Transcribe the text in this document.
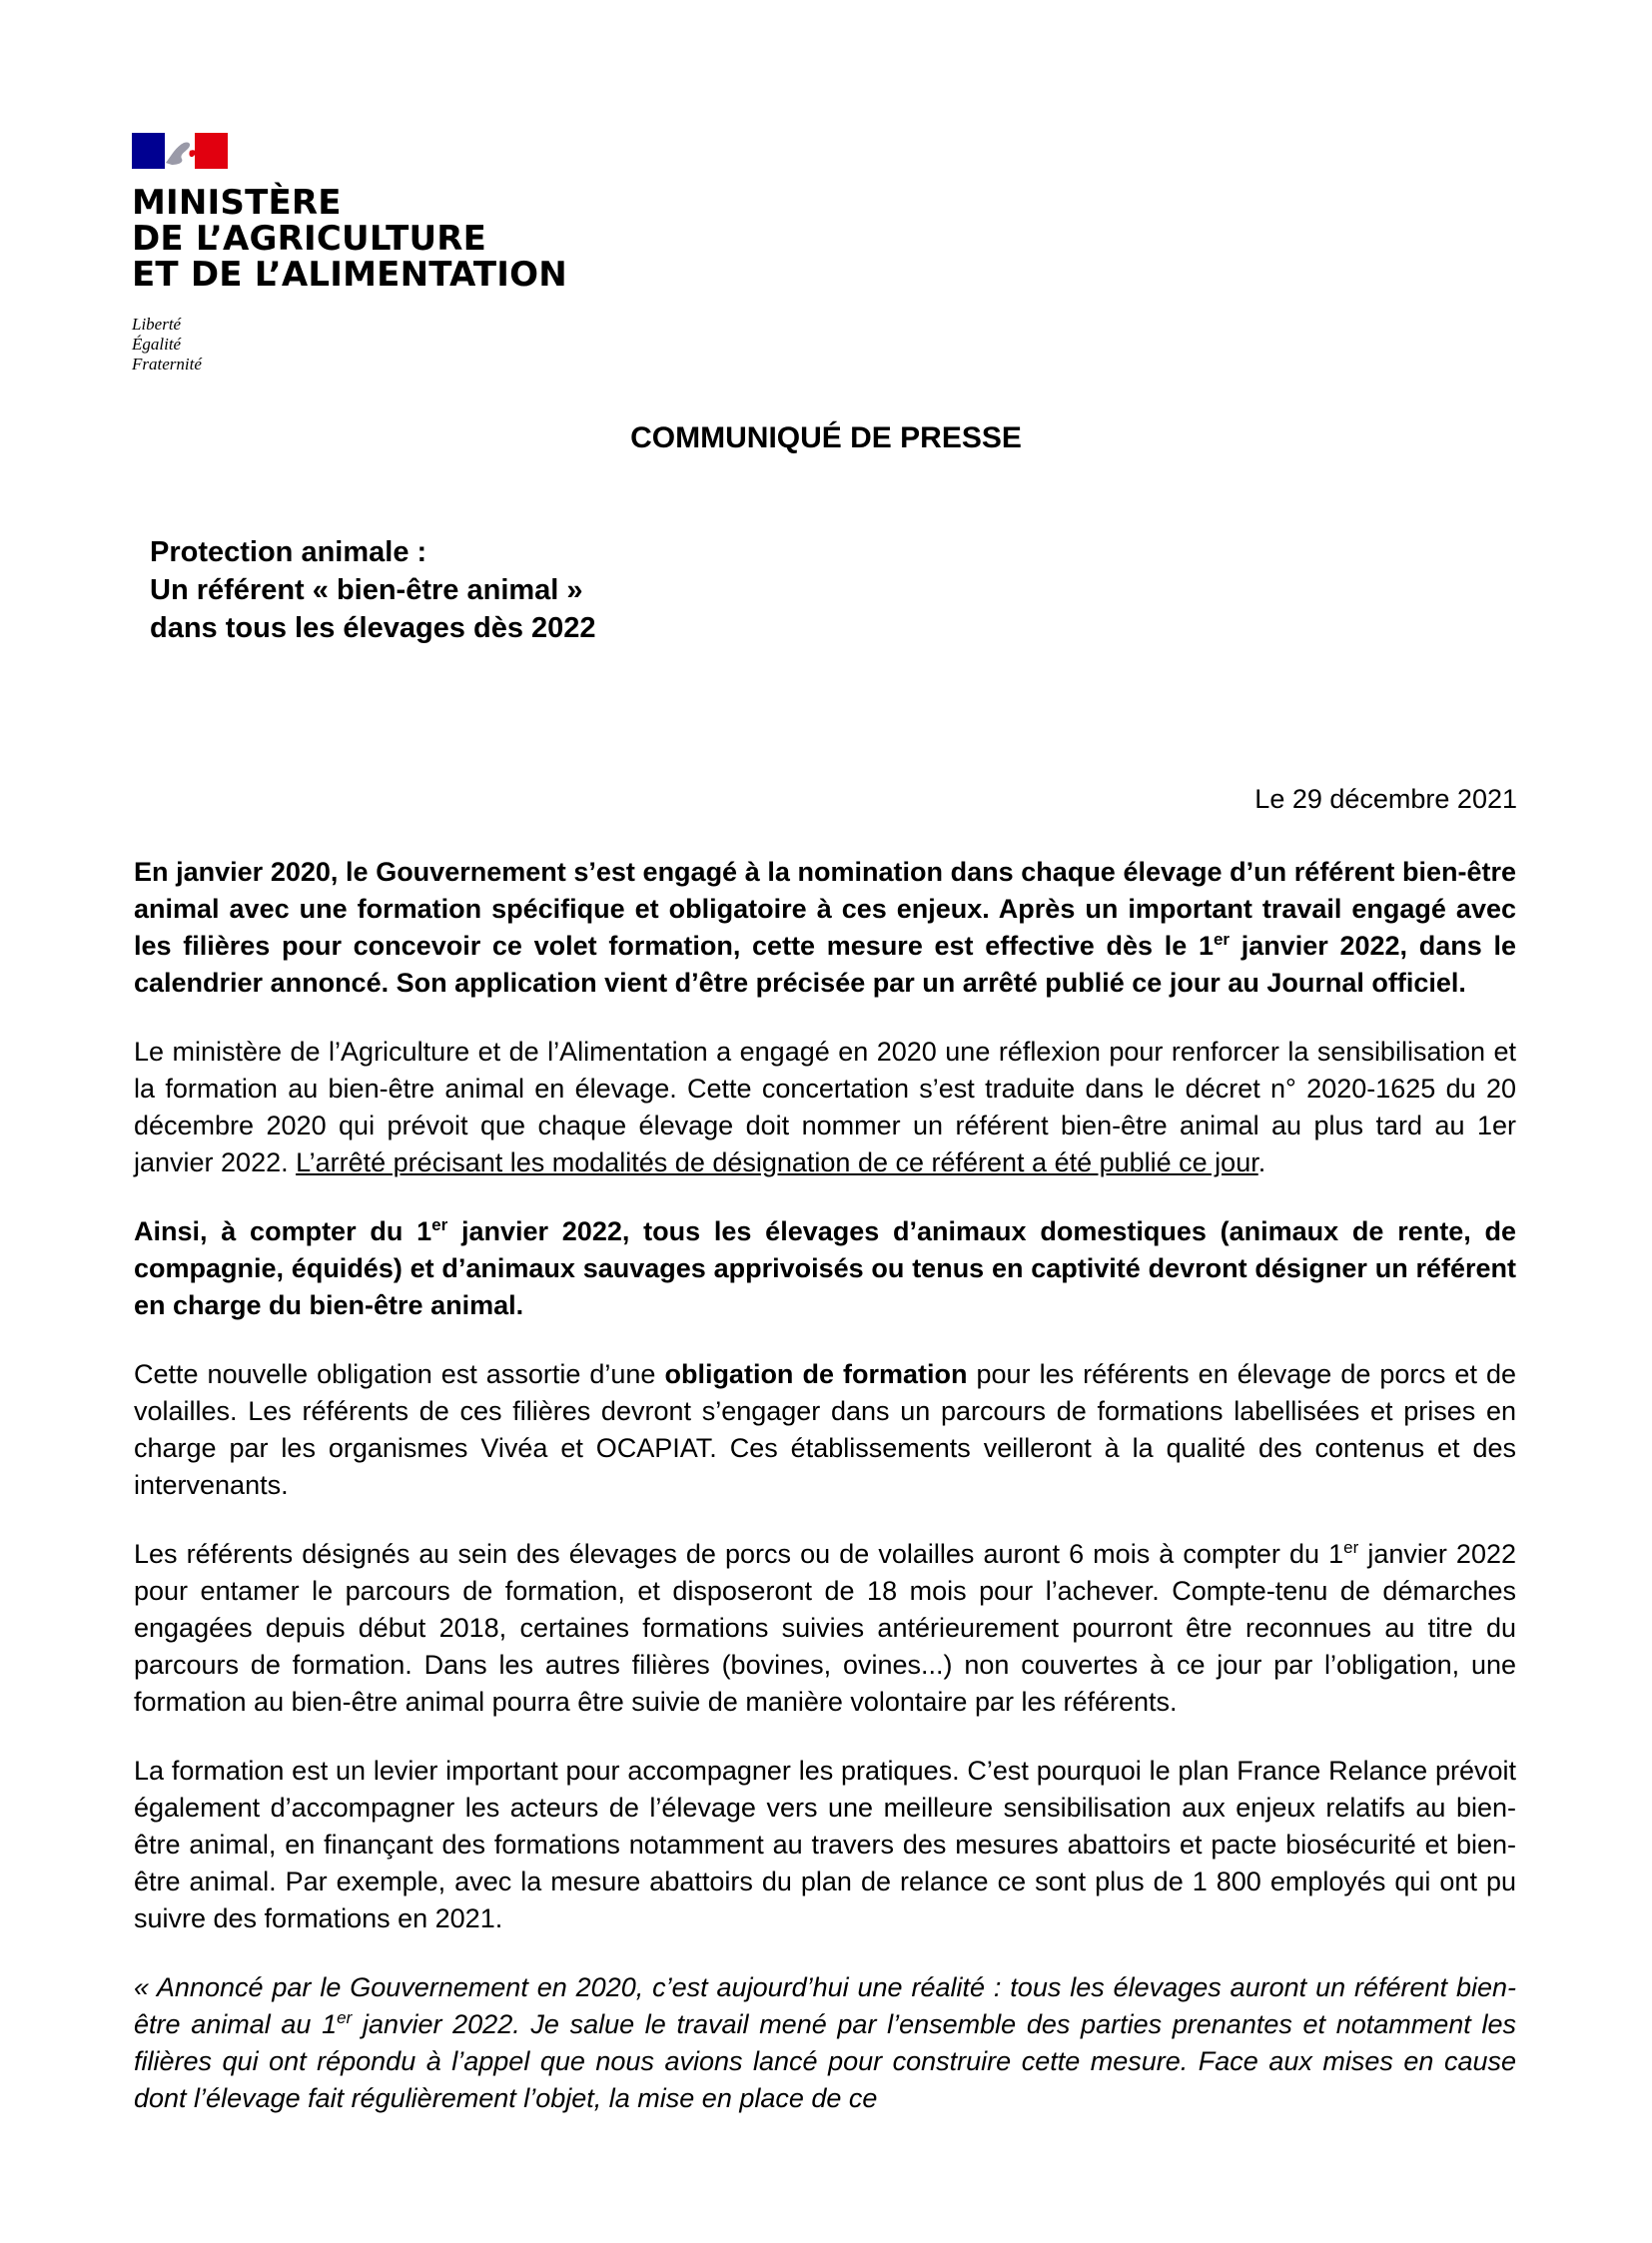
MINISTÈRE
DE L’AGRICULTURE
ET DE L’ALIMENTATION
Liberté
Égalité
Fraternité
COMMUNIQUÉ DE PRESSE
Protection animale :
Un référent « bien-être animal »
dans tous les élevages dès 2022
Le 29 décembre 2021

En janvier 2020, le Gouvernement s’est engagé à la nomination dans chaque élevage d’un référent bien-être animal avec une formation spécifique et obligatoire à ces enjeux. Après un important travail engagé avec les filières pour concevoir ce volet formation, cette mesure est effective dès le 1er janvier 2022, dans le calendrier annoncé. Son application vient d’être précisée par un arrêté publié ce jour au Journal officiel.

Le ministère de l’Agriculture et de l’Alimentation a engagé en 2020 une réflexion pour renforcer la sensibilisation et la formation au bien-être animal en élevage. Cette concertation s’est traduite dans le décret n° 2020-1625 du 20 décembre 2020 qui prévoit que chaque élevage doit nommer un référent bien-être animal au plus tard au 1er janvier 2022. L’arrêté précisant les modalités de désignation de ce référent a été publié ce jour.

Ainsi, à compter du 1er janvier 2022, tous les élevages d’animaux domestiques (animaux de rente, de compagnie, équidés) et d’animaux sauvages apprivoisés ou tenus en captivité devront désigner un référent en charge du bien-être animal.

Cette nouvelle obligation est assortie d’une obligation de formation pour les référents en élevage de porcs et de volailles. Les référents de ces filières devront s’engager dans un parcours de formations labellisées et prises en charge par les organismes Vivéa et OCAPIAT. Ces établissements veilleront à la qualité des contenus et des intervenants.

Les référents désignés au sein des élevages de porcs ou de volailles auront 6 mois à compter du 1er janvier 2022 pour entamer le parcours de formation, et disposeront de 18 mois pour l’achever. Compte-tenu de démarches engagées depuis début 2018, certaines formations suivies antérieurement pourront être reconnues au titre du parcours de formation. Dans les autres filières (bovines, ovines...) non couvertes à ce jour par l’obligation, une formation au bien-être animal pourra être suivie de manière volontaire par les référents.

La formation est un levier important pour accompagner les pratiques. C’est pourquoi le plan France Relance prévoit également d’accompagner les acteurs de l’élevage vers une meilleure sensibilisation aux enjeux relatifs au bien-être animal, en finançant des formations notamment au travers des mesures abattoirs et pacte biosécurité et bien-être animal. Par exemple, avec la mesure abattoirs du plan de relance ce sont plus de 1 800 employés qui ont pu suivre des formations en 2021.

« Annoncé par le Gouvernement en 2020, c’est aujourd’hui une réalité : tous les élevages auront un référent bien-être animal au 1er janvier 2022. Je salue le travail mené par l’ensemble des parties prenantes et notamment les filières qui ont répondu à l’appel que nous avions lancé pour construire cette mesure. Face aux mises en cause dont l’élevage fait régulièrement l’objet, la mise en place de ce
